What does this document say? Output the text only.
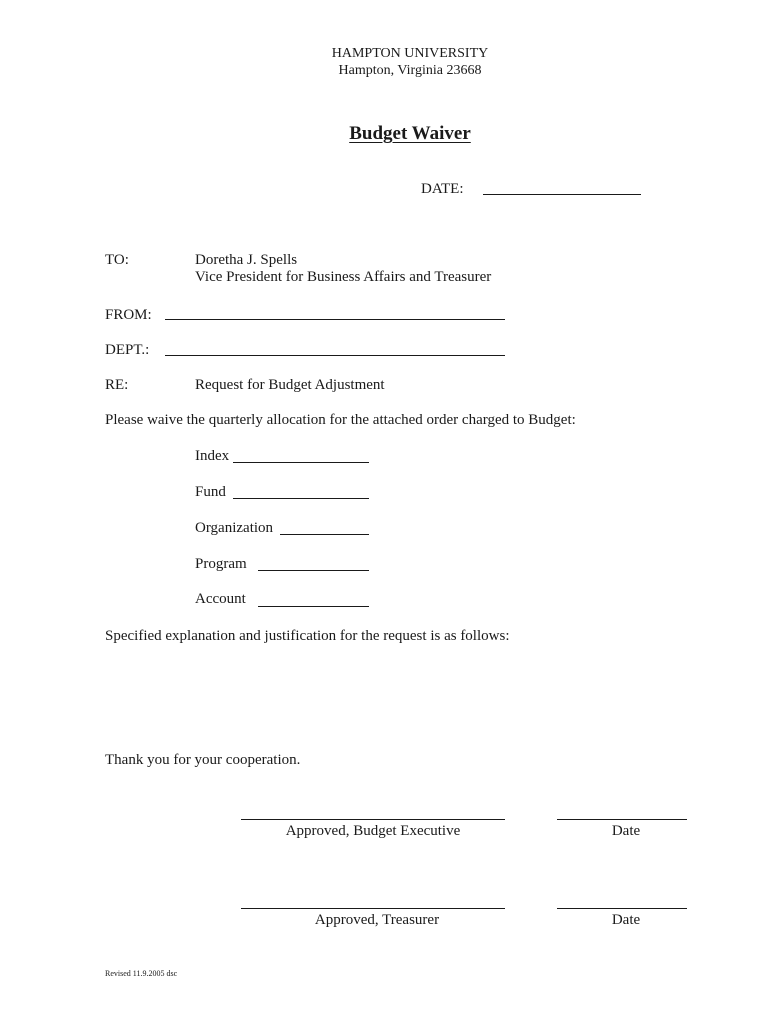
HAMPTON UNIVERSITY
Hampton, Virginia 23668
Budget Waiver
DATE:
TO:	Doretha J. Spells
Vice President for Business Affairs and Treasurer
FROM:
DEPT.:
RE:	Request for Budget Adjustment
Please waive the quarterly allocation for the attached order charged to Budget:
Index
Fund
Organization
Program
Account
Specified explanation and justification for the request is as follows:
Thank you for your cooperation.
Approved, Budget Executive	Date
Approved, Treasurer	Date
Revised 11.9.2005 dsc
